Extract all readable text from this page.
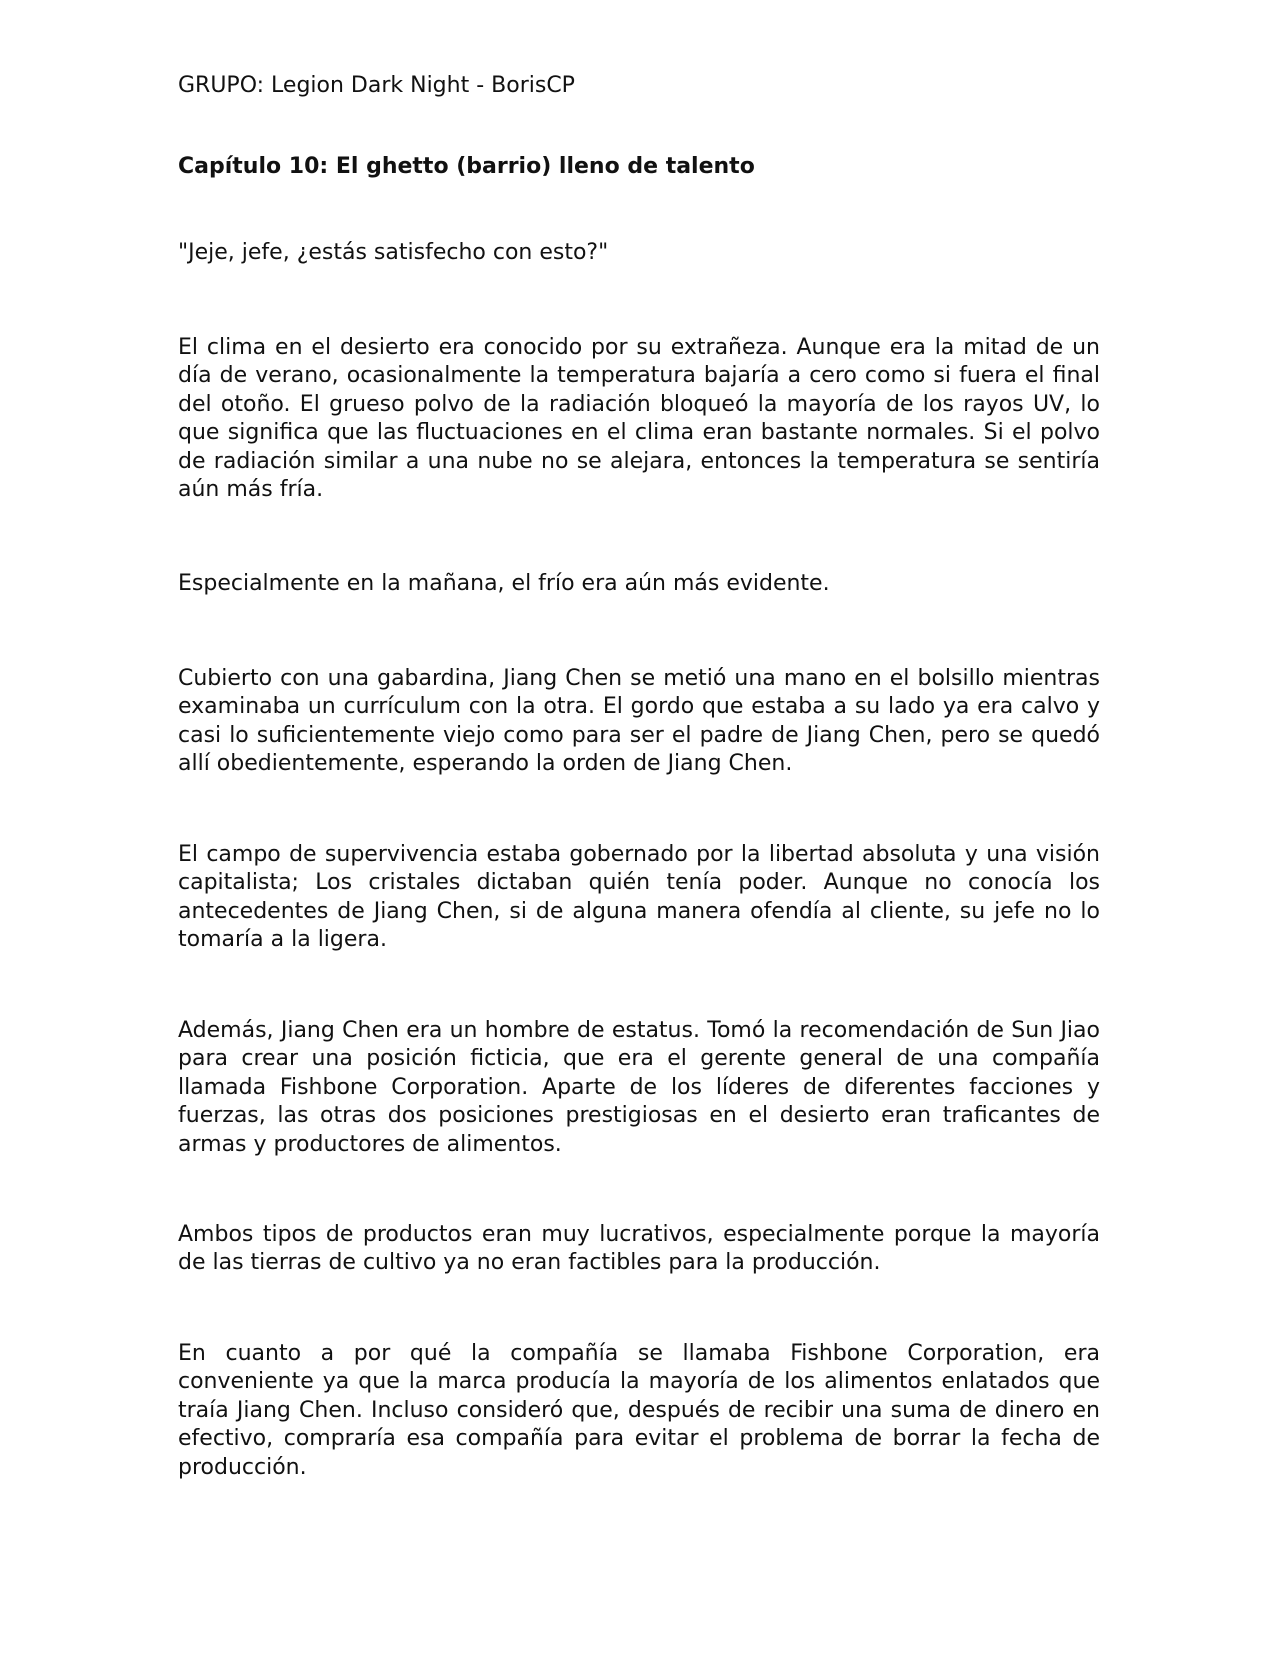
GRUPO: Legion Dark Night - BorisCP
Capítulo 10: El ghetto (barrio) lleno de talento

"Jeje, jefe, ¿estás satisfecho con esto?"

El clima en el desierto era conocido por su extrañeza. Aunque era la mitad de un día de verano, ocasionalmente la temperatura bajaría a cero como si fuera el final del otoño. El grueso polvo de la radiación bloqueó la mayoría de los rayos UV, lo que significa que las fluctuaciones en el clima eran bastante normales. Si el polvo de radiación similar a una nube no se alejara, entonces la temperatura se sentiría aún más fría.

Especialmente en la mañana, el frío era aún más evidente.

Cubierto con una gabardina, Jiang Chen se metió una mano en el bolsillo mientras examinaba un currículum con la otra. El gordo que estaba a su lado ya era calvo y casi lo suficientemente viejo como para ser el padre de Jiang Chen, pero se quedó allí obedientemente, esperando la orden de Jiang Chen.

El campo de supervivencia estaba gobernado por la libertad absoluta y una visión capitalista; Los cristales dictaban quién tenía poder. Aunque no conocía los antecedentes de Jiang Chen, si de alguna manera ofendía al cliente, su jefe no lo tomaría a la ligera.

Además, Jiang Chen era un hombre de estatus. Tomó la recomendación de Sun Jiao para crear una posición ficticia, que era el gerente general de una compañía llamada Fishbone Corporation. Aparte de los líderes de diferentes facciones y fuerzas, las otras dos posiciones prestigiosas en el desierto eran traficantes de armas y productores de alimentos.

Ambos tipos de productos eran muy lucrativos, especialmente porque la mayoría de las tierras de cultivo ya no eran factibles para la producción.

En cuanto a por qué la compañía se llamaba Fishbone Corporation, era conveniente ya que la marca producía la mayoría de los alimentos enlatados que traía Jiang Chen. Incluso consideró que, después de recibir una suma de dinero en efectivo, compraría esa compañía para evitar el problema de borrar la fecha de producción.
